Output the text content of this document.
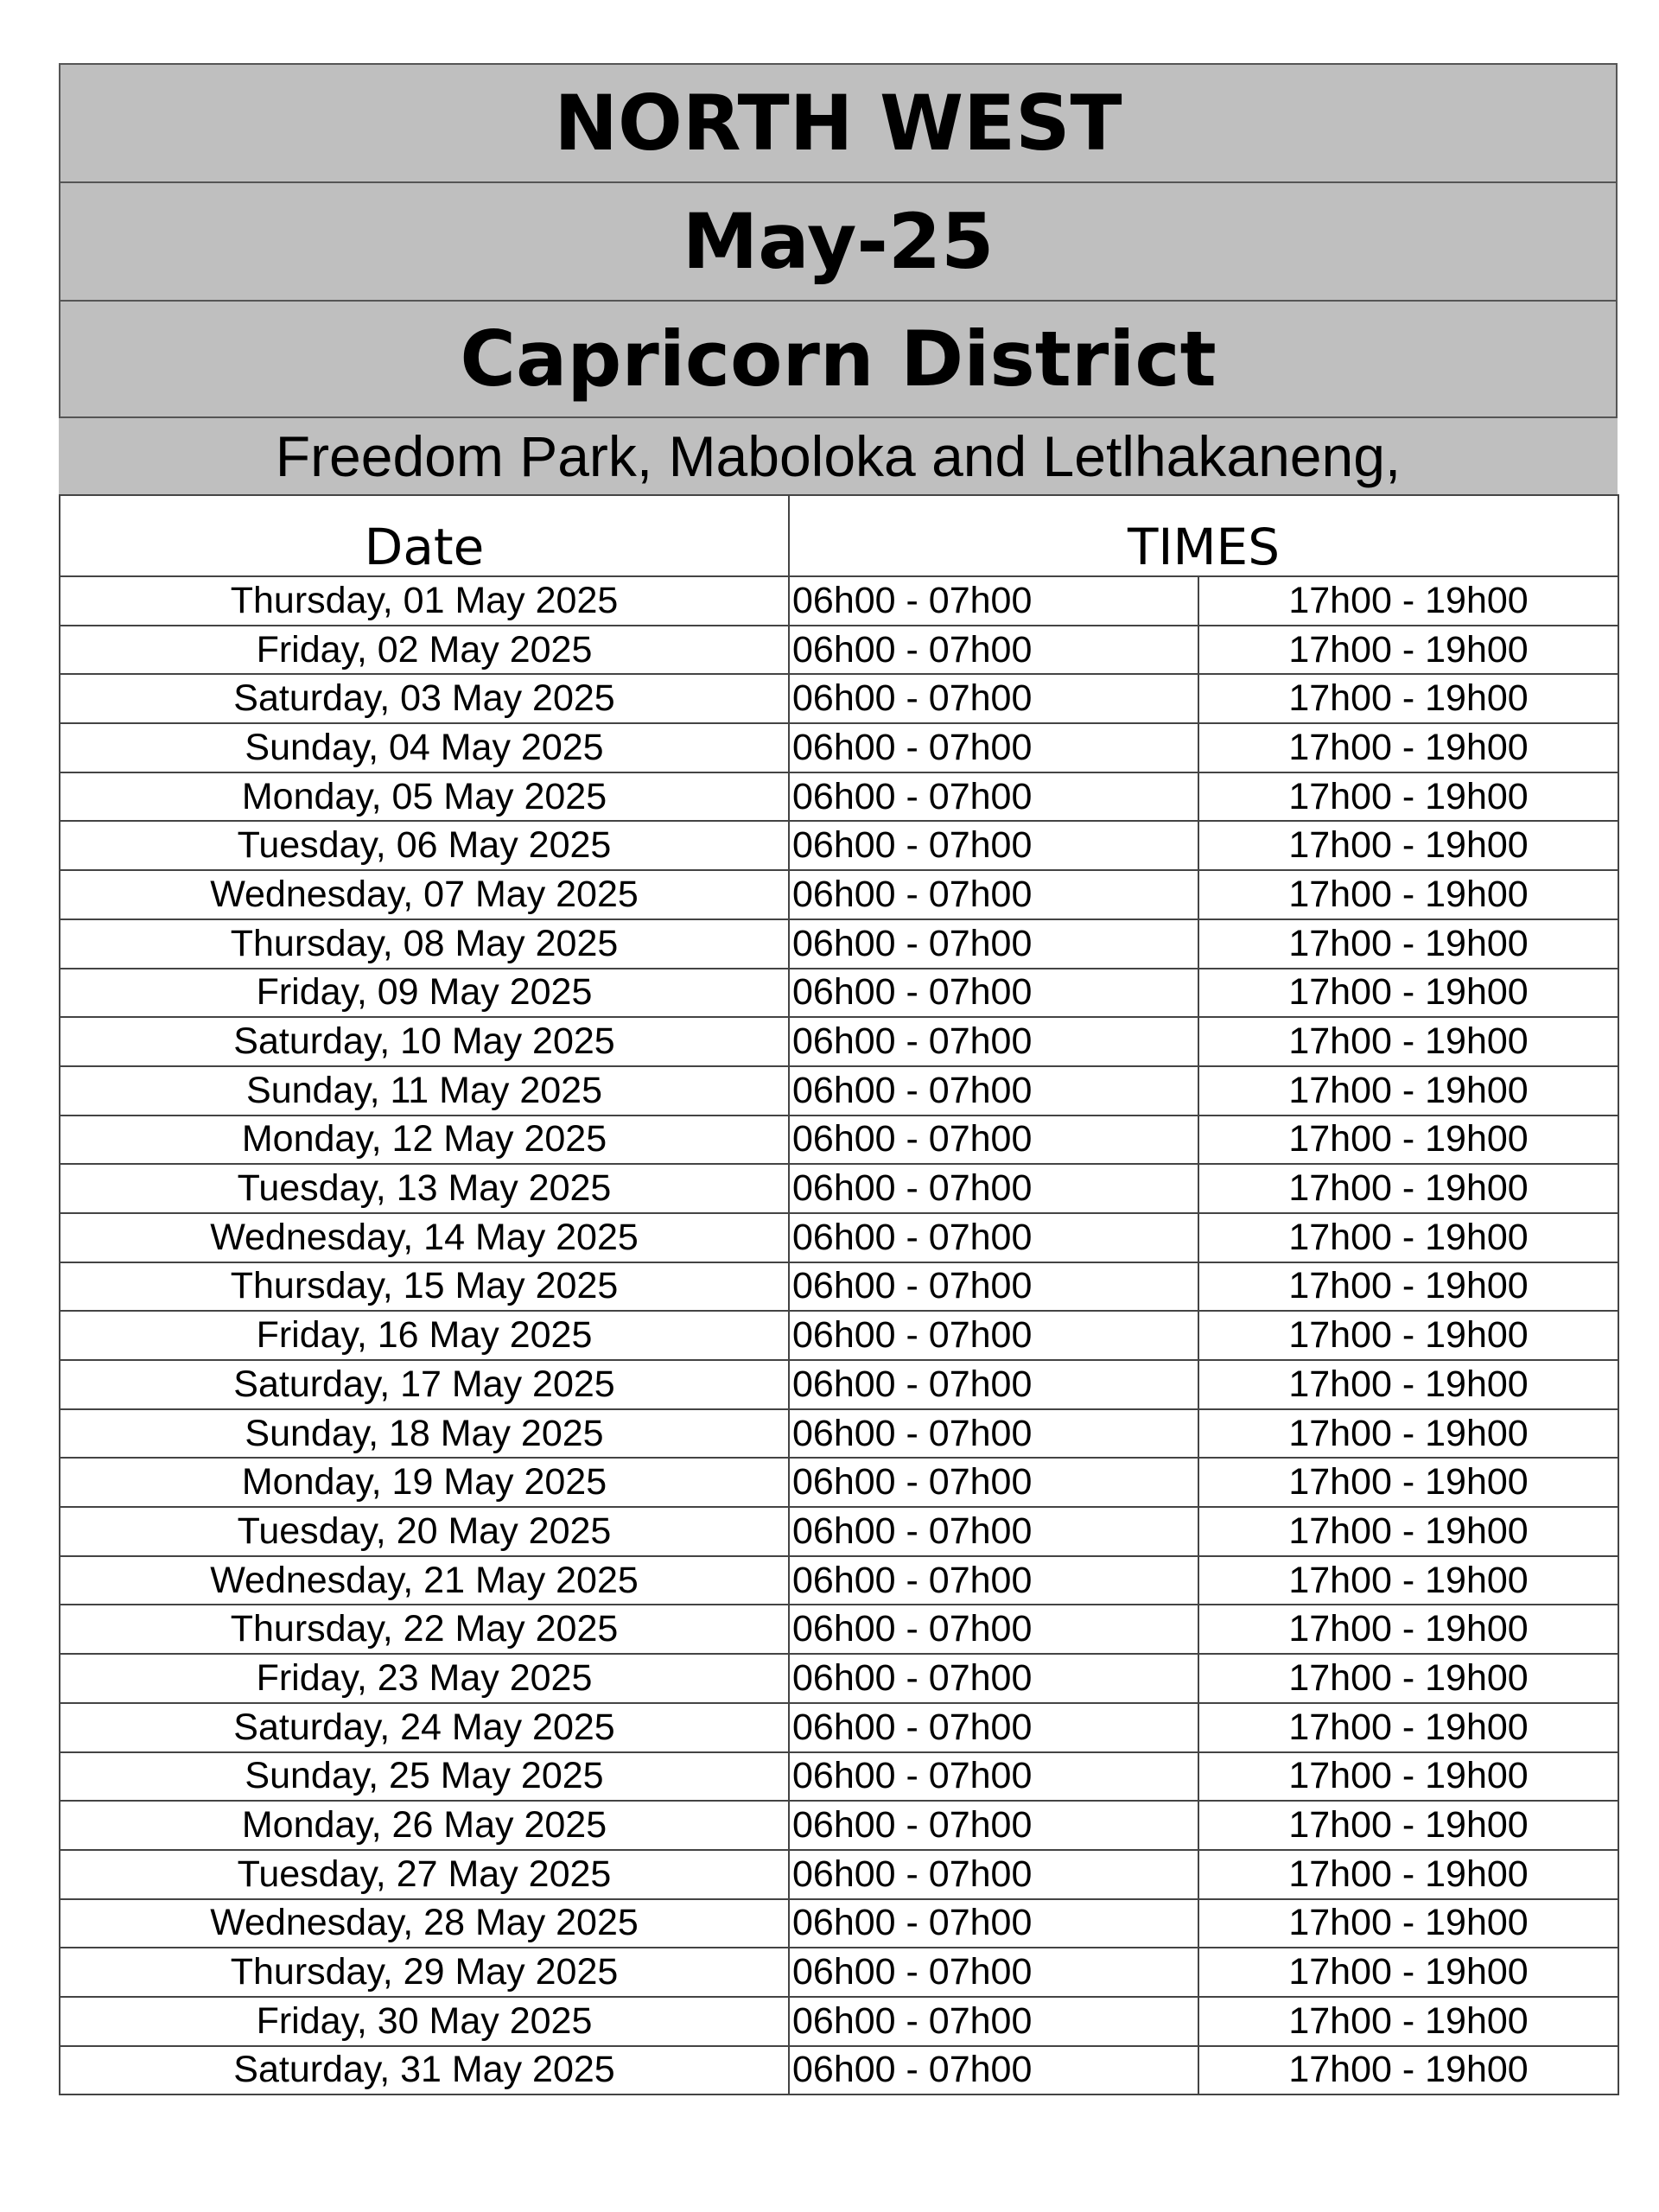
NORTH WEST
May-25
Capricorn District
Freedom Park, Maboloka and Letlhakaneng,
Date	TIMES	
Thursday, 01 May 2025	06h00 - 07h00	17h00 - 19h00
Friday, 02 May 2025	06h00 - 07h00	17h00 - 19h00
Saturday, 03 May 2025	06h00 - 07h00	17h00 - 19h00
Sunday, 04 May 2025	06h00 - 07h00	17h00 - 19h00
Monday, 05 May 2025	06h00 - 07h00	17h00 - 19h00
Tuesday, 06 May 2025	06h00 - 07h00	17h00 - 19h00
Wednesday, 07 May 2025	06h00 - 07h00	17h00 - 19h00
Thursday, 08 May 2025	06h00 - 07h00	17h00 - 19h00
Friday, 09 May 2025	06h00 - 07h00	17h00 - 19h00
Saturday, 10 May 2025	06h00 - 07h00	17h00 - 19h00
Sunday, 11 May 2025	06h00 - 07h00	17h00 - 19h00
Monday, 12 May 2025	06h00 - 07h00	17h00 - 19h00
Tuesday, 13 May 2025	06h00 - 07h00	17h00 - 19h00
Wednesday, 14 May 2025	06h00 - 07h00	17h00 - 19h00
Thursday, 15 May 2025	06h00 - 07h00	17h00 - 19h00
Friday, 16 May 2025	06h00 - 07h00	17h00 - 19h00
Saturday, 17 May 2025	06h00 - 07h00	17h00 - 19h00
Sunday, 18 May 2025	06h00 - 07h00	17h00 - 19h00
Monday, 19 May 2025	06h00 - 07h00	17h00 - 19h00
Tuesday, 20 May 2025	06h00 - 07h00	17h00 - 19h00
Wednesday, 21 May 2025	06h00 - 07h00	17h00 - 19h00
Thursday, 22 May 2025	06h00 - 07h00	17h00 - 19h00
Friday, 23 May 2025	06h00 - 07h00	17h00 - 19h00
Saturday, 24 May 2025	06h00 - 07h00	17h00 - 19h00
Sunday, 25 May 2025	06h00 - 07h00	17h00 - 19h00
Monday, 26 May 2025	06h00 - 07h00	17h00 - 19h00
Tuesday, 27 May 2025	06h00 - 07h00	17h00 - 19h00
Wednesday, 28 May 2025	06h00 - 07h00	17h00 - 19h00
Thursday, 29 May 2025	06h00 - 07h00	17h00 - 19h00
Friday, 30 May 2025	06h00 - 07h00	17h00 - 19h00
Saturday, 31 May 2025	06h00 - 07h00	17h00 - 19h00
